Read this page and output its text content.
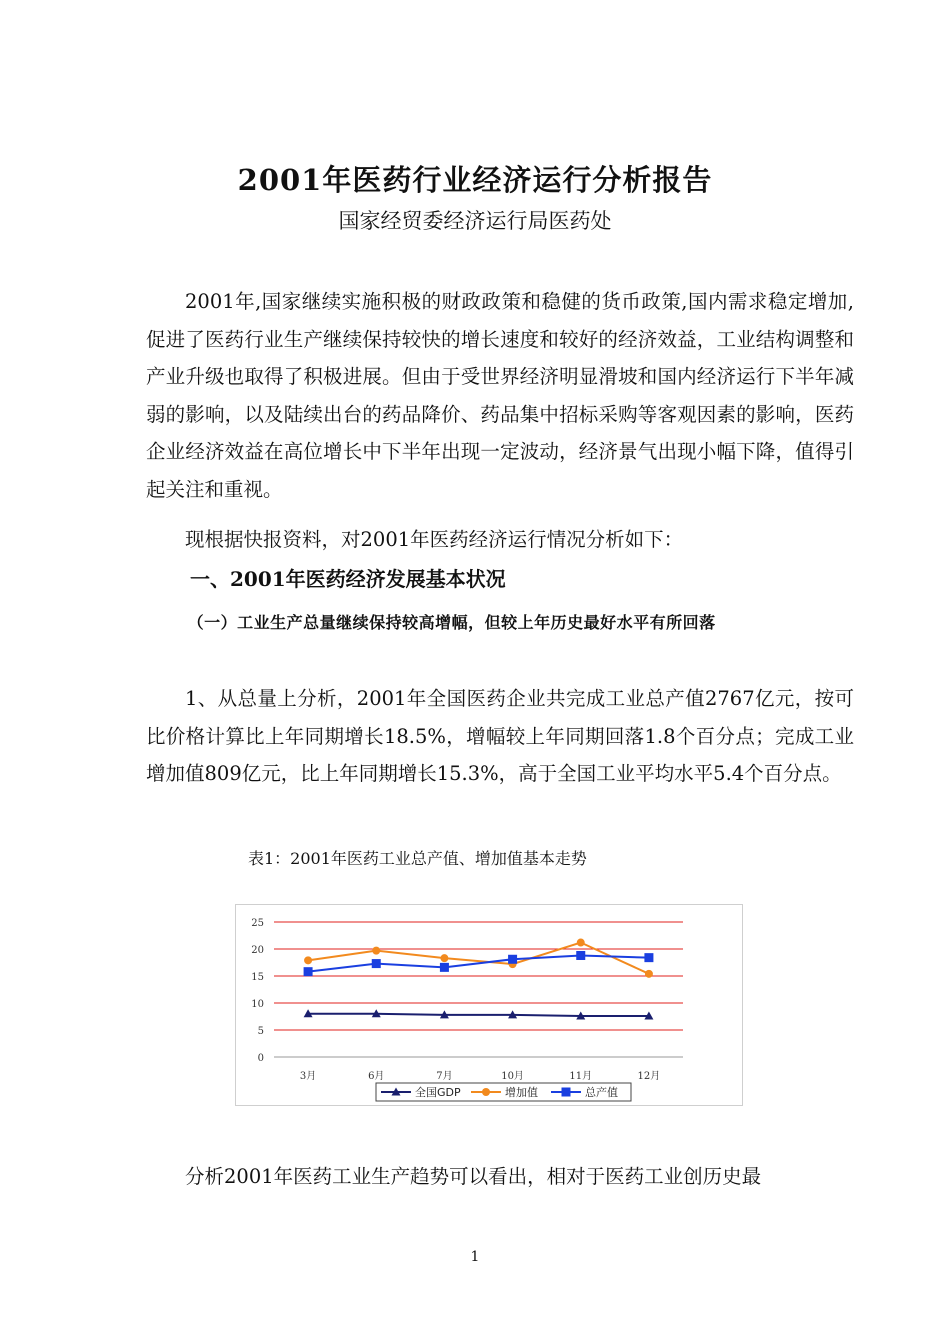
2001年医药行业经济运行分析报告
国家经贸委经济运行局医药处

2001年,国家继续实施积极的财政政策和稳健的货币政策,国内需求稳定增加,促进了医药行业生产继续保持较快的增长速度和较好的经济效益，工业结构调整和产业升级也取得了积极进展。但由于受世界经济明显滑坡和国内经济运行下半年减弱的影响，以及陆续出台的药品降价、药品集中招标采购等客观因素的影响，医药企业经济效益在高位增长中下半年出现一定波动，经济景气出现小幅下降，值得引起关注和重视。

现根据快报资料，对2001年医药经济运行情况分析如下：

一、2001年医药经济发展基本状况
（一）工业生产总量继续保持较高增幅，但较上年历史最好水平有所回落

1、从总量上分析，2001年全国医药企业共完成工业总产值2767亿元，按可比价格计算比上年同期增长18.5%，增幅较上年同期回落1.8个百分点；完成工业增加值809亿元，比上年同期增长15.3%，高于全国工业平均水平5.4个百分点。

表1：2001年医药工业总产值、增加值基本走势
0
5
10
15
20
25
3月	6月	7月	10月	11月	12月
全国GDP	增加值	总产值

分析2001年医药工业生产趋势可以看出，相对于医药工业创历史最

1
